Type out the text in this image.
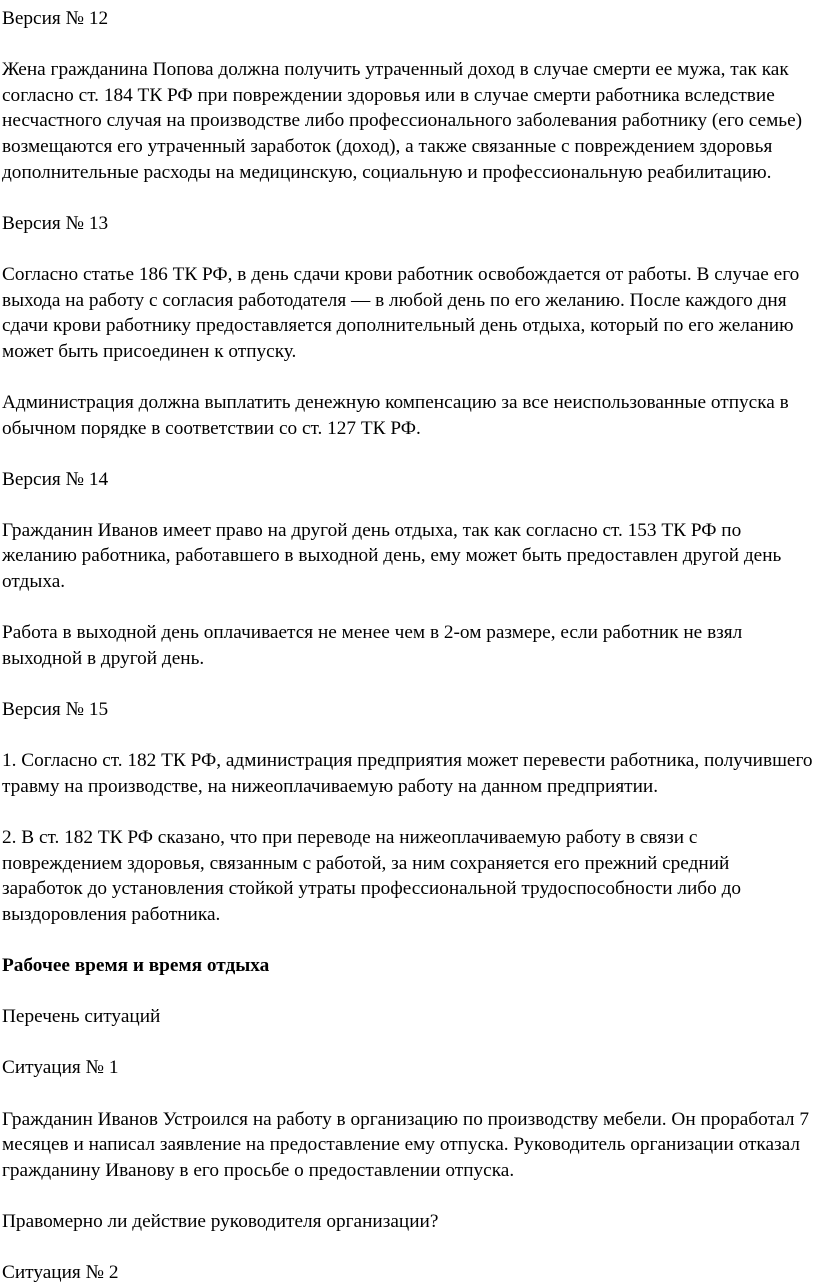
Версия № 12

Жена гражданина Попова должна получить утраченный доход в случае смерти ее мужа, так как согласно ст. 184 ТК РФ при повреждении здоровья или в случае смерти работника вследствие несчастного случая на производстве либо профессионального заболевания работнику (его семье) возмещаются его утраченный заработок (доход), а также связанные с повреждением здоровья дополнительные расходы на медицинскую, социальную и профессиональную реабилитацию.

Версия № 13

Согласно статье 186 ТК РФ, в день сдачи крови работник освобождается от работы. В случае его выхода на работу с согласия работодателя — в любой день по его желанию. После каждого дня сдачи крови работнику предоставляется дополнительный день отдыха, который по его желанию может быть присоединен к отпуску.

Администрация должна выплатить денежную компенсацию за все неиспользованные отпуска в обычном порядке в соответствии со ст. 127 ТК РФ.

Версия № 14

Гражданин Иванов имеет право на другой день отдыха, так как согласно ст. 153 ТК РФ по желанию работника, работавшего в выходной день, ему может быть предоставлен другой день отдыха.

Работа в выходной день оплачивается не менее чем в 2-ом размере, если работник не взял выходной в другой день.

Версия № 15

1. Согласно ст. 182 ТК РФ, администрация предприятия может перевести работника, получившего травму на производстве, на нижеоплачиваемую работу на данном предприятии.

2. В ст. 182 ТК РФ сказано, что при переводе на нижеоплачиваемую работу в связи с повреждением здоровья, связанным с работой, за ним сохраняется его прежний средний заработок до установления стойкой утраты профессиональной трудоспособности либо до выздоровления работника.

Рабочее время и время отдыха

Перечень ситуаций

Ситуация № 1

Гражданин Иванов Устроился на работу в организацию по производству мебели. Он проработал 7 месяцев и написал заявление на предоставление ему отпуска. Руководитель организации отказал гражданину Иванову в его просьбе о предоставлении отпуска.

Правомерно ли действие руководителя организации?

Ситуация № 2
